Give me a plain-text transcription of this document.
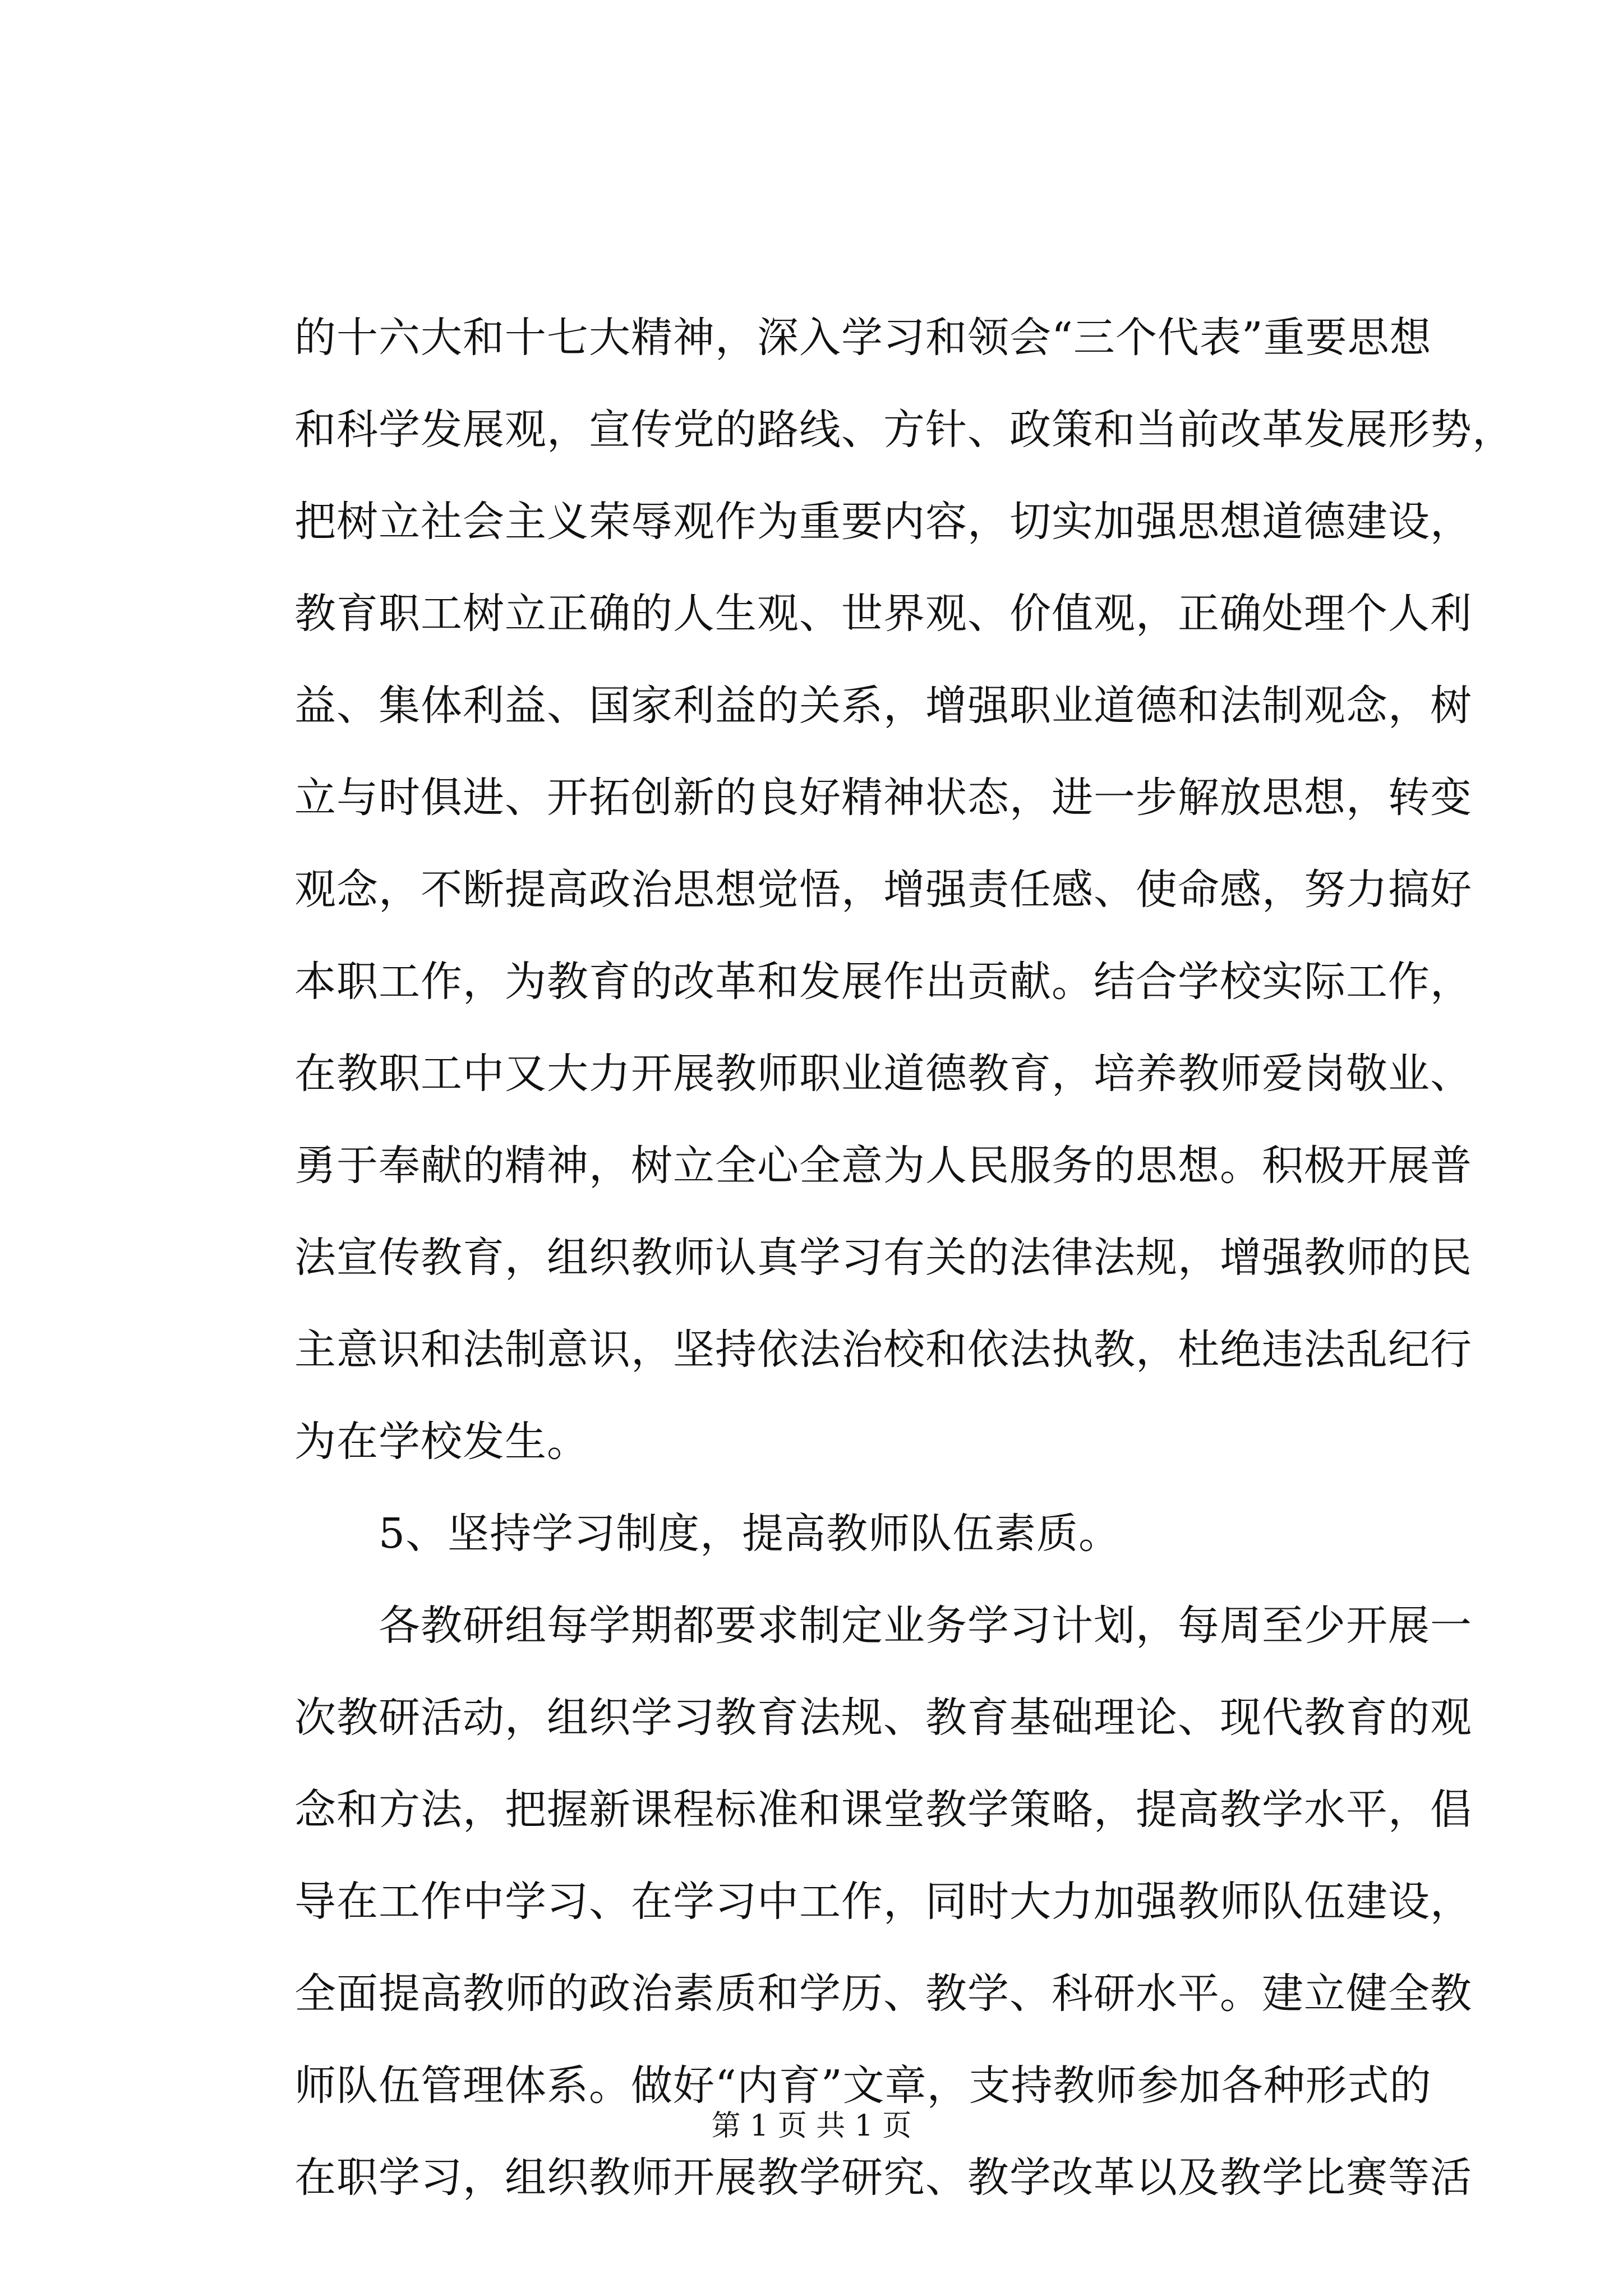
的十六大和十七大精神，深入学习和领会“三个代表”重要思想
和科学发展观，宣传党的路线、方针、政策和当前改革发展形势，
把树立社会主义荣辱观作为重要内容，切实加强思想道德建设，
教育职工树立正确的人生观、世界观、价值观，正确处理个人利
益、集体利益、国家利益的关系，增强职业道德和法制观念，树
立与时俱进、开拓创新的良好精神状态，进一步解放思想，转变
观念，不断提高政治思想觉悟，增强责任感、使命感，努力搞好
本职工作，为教育的改革和发展作出贡献。结合学校实际工作，
在教职工中又大力开展教师职业道德教育，培养教师爱岗敬业、
勇于奉献的精神，树立全心全意为人民服务的思想。积极开展普
法宣传教育，组织教师认真学习有关的法律法规，增强教师的民
主意识和法制意识，坚持依法治校和依法执教，杜绝违法乱纪行
为在学校发生。
　　5、坚持学习制度，提高教师队伍素质。
　　各教研组每学期都要求制定业务学习计划，每周至少开展一
次教研活动，组织学习教育法规、教育基础理论、现代教育的观
念和方法，把握新课程标准和课堂教学策略，提高教学水平，倡
导在工作中学习、在学习中工作，同时大力加强教师队伍建设，
全面提高教师的政治素质和学历、教学、科研水平。建立健全教
师队伍管理体系。做好“内育”文章，支持教师参加各种形式的
在职学习，组织教师开展教学研究、教学改革以及教学比赛等活
第 1 页 共 1 页
